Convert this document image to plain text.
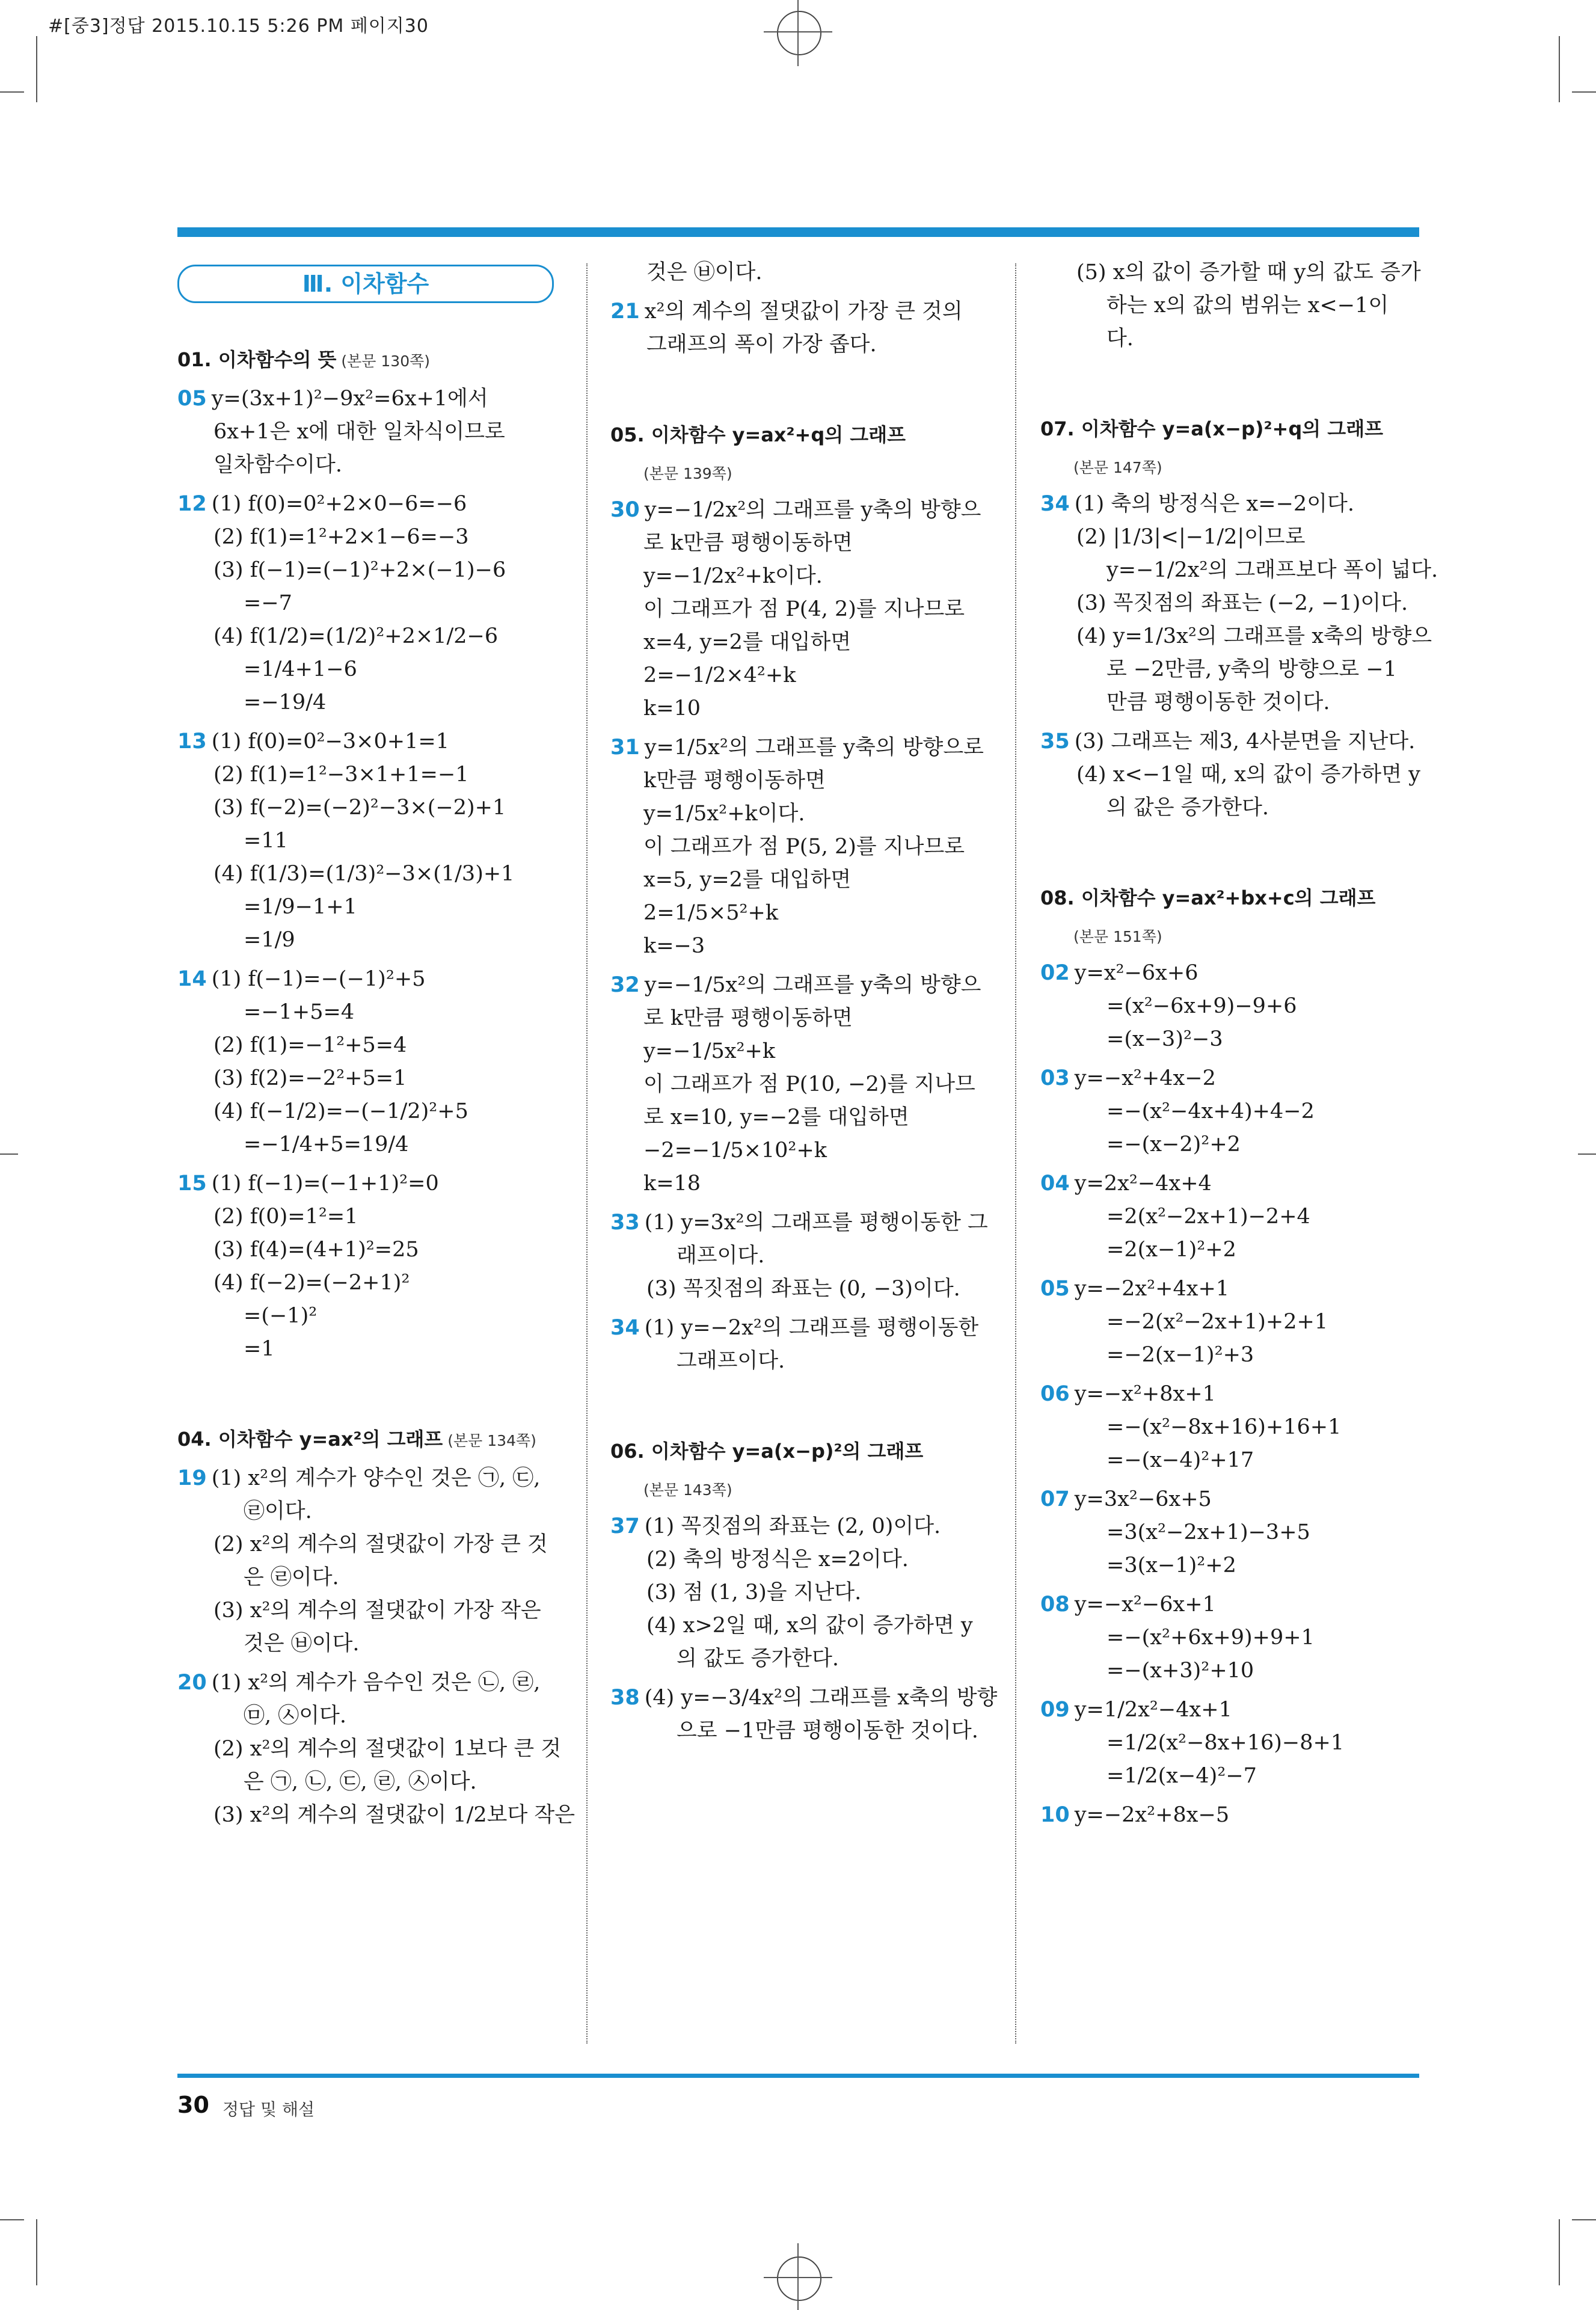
#[중3]정답 2015.10.15 5:26 PM 페이지30
Ⅲ. 이차함수
01. 이차함수의 뜻 (본문 130쪽)
05 y=(3x+1)²−9x²=6x+1에서
6x+1은 x에 대한 일차식이므로
일차함수이다.
12 (1) f(0)=0²+2×0−6=−6
(2) f(1)=1²+2×1−6=−3
(3) f(−1)=(−1)²+2×(−1)−6
=−7
(4) f(1/2)=(1/2)²+2×1/2−6
=1/4+1−6
=−19/4
13 (1) f(0)=0²−3×0+1=1
(2) f(1)=1²−3×1+1=−1
(3) f(−2)=(−2)²−3×(−2)+1
=11
(4) f(1/3)=(1/3)²−3×(1/3)+1
=1/9−1+1
=1/9
14 (1) f(−1)=−(−1)²+5
=−1+5=4
(2) f(1)=−1²+5=4
(3) f(2)=−2²+5=1
(4) f(−1/2)=−(−1/2)²+5
=−1/4+5=19/4
15 (1) f(−1)=(−1+1)²=0
(2) f(0)=1²=1
(3) f(4)=(4+1)²=25
(4) f(−2)=(−2+1)²
=(−1)²
=1
04. 이차함수 y=ax²의 그래프 (본문 134쪽)
19 (1) x²의 계수가 양수인 것은 ㉠, ㉢,
㉣이다.
(2) x²의 계수의 절댓값이 가장 큰 것
은 ㉣이다.
(3) x²의 계수의 절댓값이 가장 작은
것은 ㉥이다.
20 (1) x²의 계수가 음수인 것은 ㉡, ㉣,
㉤, ㉦이다.
(2) x²의 계수의 절댓값이 1보다 큰 것
은 ㉠, ㉡, ㉢, ㉣, ㉦이다.
(3) x²의 계수의 절댓값이 1/2보다 작은
것은 ㉥이다.
21 x²의 계수의 절댓값이 가장 큰 것의
그래프의 폭이 가장 좁다.
05. 이차함수 y=ax²+q의 그래프
(본문 139쪽)
30 y=−1/2x²의 그래프를 y축의 방향으
로 k만큼 평행이동하면
y=−1/2x²+k이다.
이 그래프가 점 P(4, 2)를 지나므로
x=4, y=2를 대입하면
2=−1/2×4²+k
k=10
31 y=1/5x²의 그래프를 y축의 방향으로
k만큼 평행이동하면
y=1/5x²+k이다.
이 그래프가 점 P(5, 2)를 지나므로
x=5, y=2를 대입하면
2=1/5×5²+k
k=−3
32 y=−1/5x²의 그래프를 y축의 방향으
로 k만큼 평행이동하면
y=−1/5x²+k
이 그래프가 점 P(10, −2)를 지나므
로 x=10, y=−2를 대입하면
−2=−1/5×10²+k
k=18
33 (1) y=3x²의 그래프를 평행이동한 그
래프이다.
(3) 꼭짓점의 좌표는 (0, −3)이다.
34 (1) y=−2x²의 그래프를 평행이동한
그래프이다.
06. 이차함수 y=a(x−p)²의 그래프
(본문 143쪽)
37 (1) 꼭짓점의 좌표는 (2, 0)이다.
(2) 축의 방정식은 x=2이다.
(3) 점 (1, 3)을 지난다.
(4) x>2일 때, x의 값이 증가하면 y
의 값도 증가한다.
38 (4) y=−3/4x²의 그래프를 x축의 방향
으로 −1만큼 평행이동한 것이다.
(5) x의 값이 증가할 때 y의 값도 증가
하는 x의 값의 범위는 x<−1이
다.
07. 이차함수 y=a(x−p)²+q의 그래프
(본문 147쪽)
34 (1) 축의 방정식은 x=−2이다.
(2) |1/3|<|−1/2|이므로
y=−1/2x²의 그래프보다 폭이 넓다.
(3) 꼭짓점의 좌표는 (−2, −1)이다.
(4) y=1/3x²의 그래프를 x축의 방향으
로 −2만큼, y축의 방향으로 −1
만큼 평행이동한 것이다.
35 (3) 그래프는 제3, 4사분면을 지난다.
(4) x<−1일 때, x의 값이 증가하면 y
의 값은 증가한다.
08. 이차함수 y=ax²+bx+c의 그래프
(본문 151쪽)
02 y=x²−6x+6
=(x²−6x+9)−9+6
=(x−3)²−3
03 y=−x²+4x−2
=−(x²−4x+4)+4−2
=−(x−2)²+2
04 y=2x²−4x+4
=2(x²−2x+1)−2+4
=2(x−1)²+2
05 y=−2x²+4x+1
=−2(x²−2x+1)+2+1
=−2(x−1)²+3
06 y=−x²+8x+1
=−(x²−8x+16)+16+1
=−(x−4)²+17
07 y=3x²−6x+5
=3(x²−2x+1)−3+5
=3(x−1)²+2
08 y=−x²−6x+1
=−(x²+6x+9)+9+1
=−(x+3)²+10
09 y=1/2x²−4x+1
=1/2(x²−8x+16)−8+1
=1/2(x−4)²−7
10 y=−2x²+8x−5
30 정답 및 해설
